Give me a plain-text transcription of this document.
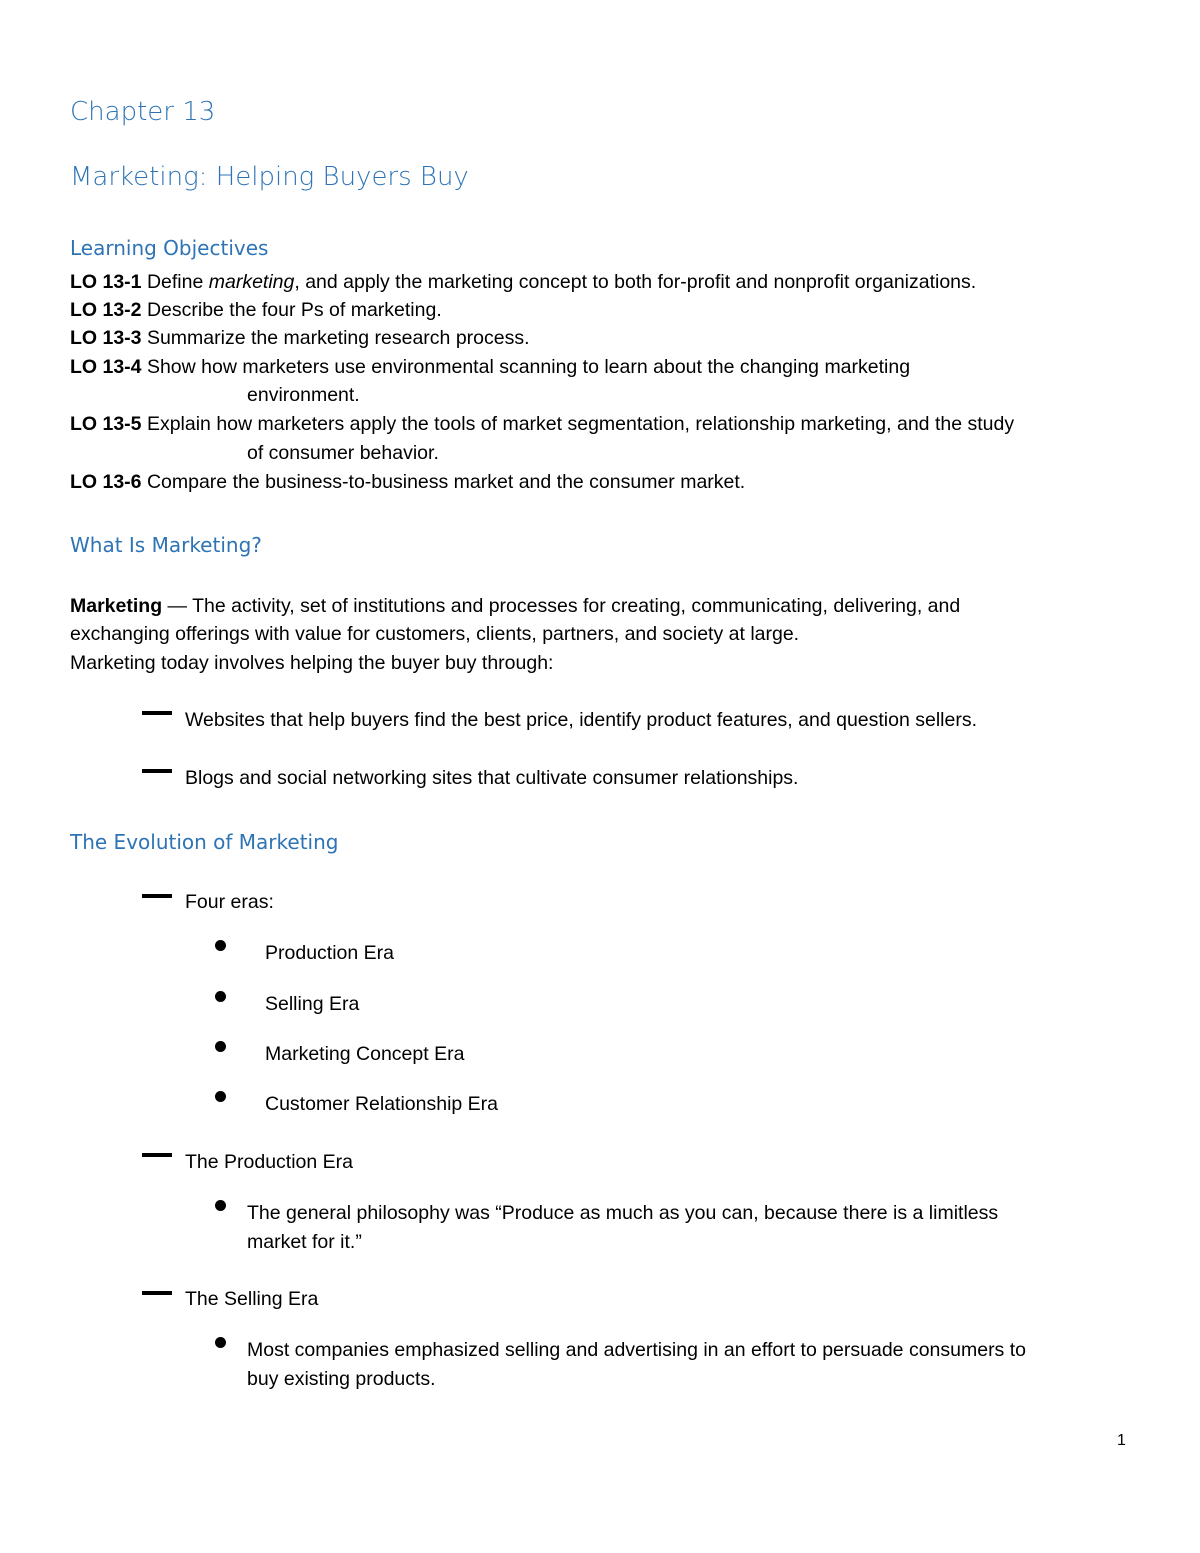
Chapter 13
Marketing: Helping Buyers Buy
Learning Objectives
LO 13-1 Define marketing, and apply the marketing concept to both for-profit and nonprofit organizations.
LO 13-2 Describe the four Ps of marketing.
LO 13-3 Summarize the marketing research process.
LO 13-4 Show how marketers use environmental scanning to learn about the changing marketing
environment.
LO 13-5 Explain how marketers apply the tools of market segmentation, relationship marketing, and the study
of consumer behavior.
LO 13-6 Compare the business-to-business market and the consumer market.
What Is Marketing?
Marketing — The activity, set of institutions and processes for creating, communicating, delivering, and
exchanging offerings with value for customers, clients, partners, and society at large.
Marketing today involves helping the buyer buy through:
Websites that help buyers find the best price, identify product features, and question sellers.
Blogs and social networking sites that cultivate consumer relationships.
The Evolution of Marketing
Four eras:
Production Era
Selling Era
Marketing Concept Era
Customer Relationship Era
The Production Era
The general philosophy was “Produce as much as you can, because there is a limitless
market for it.”
The Selling Era
Most companies emphasized selling and advertising in an effort to persuade consumers to
buy existing products.
1
